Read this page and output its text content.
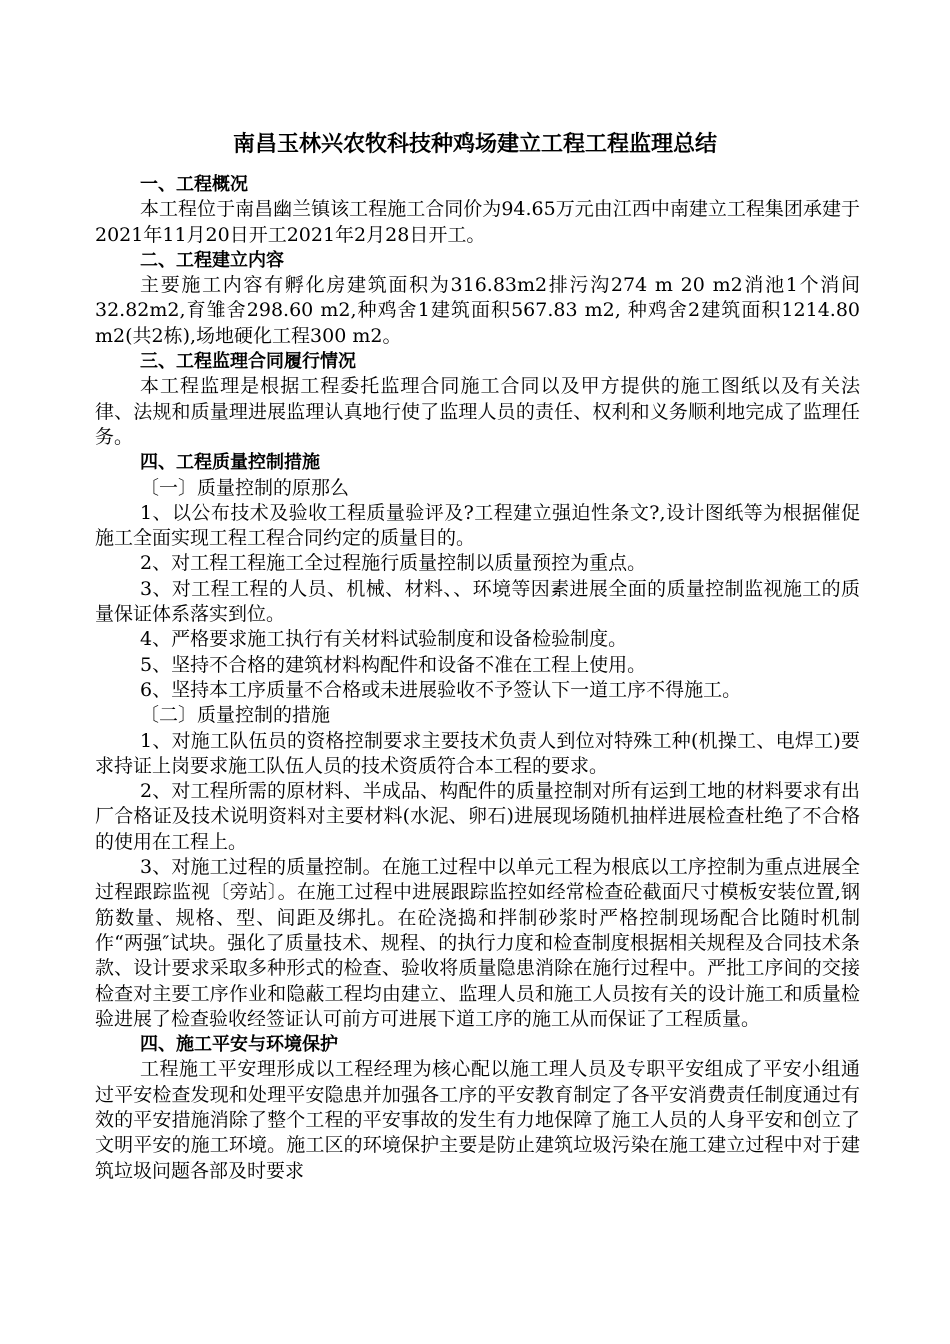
南昌玉林兴农牧科技种鸡场建立工程工程监理总结

一、工程概况

本工程位于南昌幽兰镇该工程施工合同价为94.65万元由江西中南建立工程集团承建于2021年11月20日开工2021年2月28日开工。

二、工程建立内容

主要施工内容有孵化房建筑面积为316.83m2排污沟274 m 20 m2消池1个消间32.82m2,育雏舍298.60 m2,种鸡舍1建筑面积567.83 m2, 种鸡舍2建筑面积1214.80 m2(共2栋),场地硬化工程300 m2。

三、工程监理合同履行情况

本工程监理是根据工程委托监理合同施工合同以及甲方提供的施工图纸以及有关法律、法规和质量理进展监理认真地行使了监理人员的责任、权利和义务顺利地完成了监理任务。

四、工程质量控制措施

〔一〕质量控制的原那么

1、以公布技术及验收工程质量验评及?工程建立强迫性条文?,设计图纸等为根据催促施工全面实现工程工程合同约定的质量目的。

2、对工程工程施工全过程施行质量控制以质量预控为重点。

3、对工程工程的人员、机械、材料、、环境等因素进展全面的质量控制监视施工的质量保证体系落实到位。

4、严格要求施工执行有关材料试验制度和设备检验制度。

5、坚持不合格的建筑材料构配件和设备不准在工程上使用。

6、坚持本工序质量不合格或未进展验收不予签认下一道工序不得施工。

〔二〕质量控制的措施

1、对施工队伍员的资格控制要求主要技术负责人到位对特殊工种(机操工、电焊工)要求持证上岗要求施工队伍人员的技术资质符合本工程的要求。

2、对工程所需的原材料、半成品、构配件的质量控制对所有运到工地的材料要求有出厂合格证及技术说明资料对主要材料(水泥、卵石)进展现场随机抽样进展检查杜绝了不合格的使用在工程上。

3、对施工过程的质量控制。在施工过程中以单元工程为根底以工序控制为重点进展全过程跟踪监视〔旁站〕。在施工过程中进展跟踪监控如经常检查砼截面尺寸模板安装位置,钢筋数量、规格、型、间距及绑扎。在砼浇捣和拌制砂浆时严格控制现场配合比随时机制作“两强″试块。强化了质量技术、规程、的执行力度和检查制度根据相关规程及合同技术条款、设计要求采取多种形式的检查、验收将质量隐患消除在施行过程中。严批工序间的交接检查对主要工序作业和隐蔽工程均由建立、监理人员和施工人员按有关的设计施工和质量检验进展了检查验收经签证认可前方可进展下道工序的施工从而保证了工程质量。

四、施工平安与环境保护

工程施工平安理形成以工程经理为核心配以施工理人员及专职平安组成了平安小组通过平安检查发现和处理平安隐患并加强各工序的平安教育制定了各平安消费责任制度通过有效的平安措施消除了整个工程的平安事故的发生有力地保障了施工人员的人身平安和创立了文明平安的施工环境。施工区的环境保护主要是防止建筑垃圾污染在施工建立过程中对于建筑垃圾问题各部及时要求
